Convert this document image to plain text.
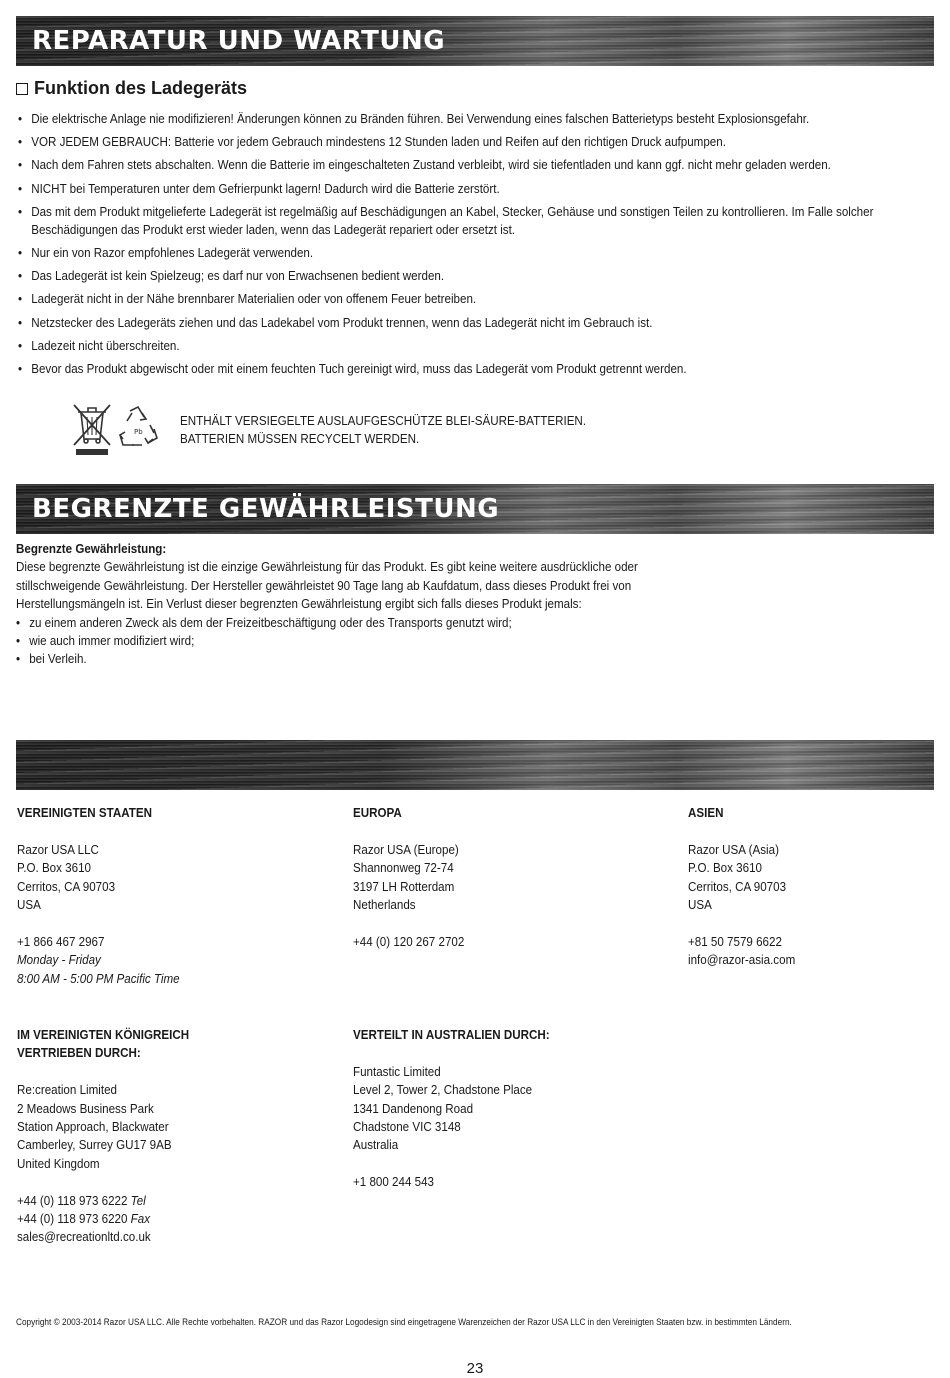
REPARATUR UND WARTUNG
Funktion des Ladegeräts
• Die elektrische Anlage nie modifizieren! Änderungen können zu Bränden führen. Bei Verwendung eines falschen Batterietyps besteht Explosionsgefahr.
• VOR JEDEM GEBRAUCH: Batterie vor jedem Gebrauch mindestens 12 Stunden laden und Reifen auf den richtigen Druck aufpumpen.
• Nach dem Fahren stets abschalten. Wenn die Batterie im eingeschalteten Zustand verbleibt, wird sie tiefentladen und kann ggf. nicht mehr geladen werden.
• NICHT bei Temperaturen unter dem Gefrierpunkt lagern! Dadurch wird die Batterie zerstört.
• Das mit dem Produkt mitgelieferte Ladegerät ist regelmäßig auf Beschädigungen an Kabel, Stecker, Gehäuse und sonstigen Teilen zu kontrollieren. Im Falle solcher Beschädigungen das Produkt erst wieder laden, wenn das Ladegerät repariert oder ersetzt ist.
• Nur ein von Razor empfohlenes Ladegerät verwenden.
• Das Ladegerät ist kein Spielzeug; es darf nur von Erwachsenen bedient werden.
• Ladegerät nicht in der Nähe brennbarer Materialien oder von offenem Feuer betreiben.
• Netzstecker des Ladegeräts ziehen und das Ladekabel vom Produkt trennen, wenn das Ladegerät nicht im Gebrauch ist.
• Ladezeit nicht überschreiten.
• Bevor das Produkt abgewischt oder mit einem feuchten Tuch gereinigt wird, muss das Ladegerät vom Produkt getrennt werden.
Pb
ENTHÄLT VERSIEGELTE AUSLAUFGESCHÜTZE BLEI-SÄURE-BATTERIEN.
BATTERIEN MÜSSEN RECYCELT WERDEN.
BEGRENZTE GEWÄHRLEISTUNG
Begrenzte Gewährleistung:
Diese begrenzte Gewährleistung ist die einzige Gewährleistung für das Produkt. Es gibt keine weitere ausdrückliche oder
stillschweigende Gewährleistung. Der Hersteller gewährleistet 90 Tage lang ab Kaufdatum, dass dieses Produkt frei von
Herstellungsmängeln ist. Ein Verlust dieser begrenzten Gewährleistung ergibt sich falls dieses Produkt jemals:
• zu einem anderen Zweck als dem der Freizeitbeschäftigung oder des Transports genutzt wird;
• wie auch immer modifiziert wird;
• bei Verleih.
VEREINIGTEN STAATEN
Razor USA LLC
P.O. Box 3610
Cerritos, CA 90703
USA
+1 866 467 2967
Monday - Friday
8:00 AM - 5:00 PM Pacific Time
EUROPA
Razor USA (Europe)
Shannonweg 72-74
3197 LH Rotterdam
Netherlands
+44 (0) 120 267 2702
ASIEN
Razor USA (Asia)
P.O. Box 3610
Cerritos, CA 90703
USA
+81 50 7579 6622
info@razor-asia.com
IM VEREINIGTEN KÖNIGREICH
VERTRIEBEN DURCH:
Re:creation Limited
2 Meadows Business Park
Station Approach, Blackwater
Camberley, Surrey GU17 9AB
United Kingdom
+44 (0) 118 973 6222 Tel
+44 (0) 118 973 6220 Fax
sales@recreationltd.co.uk
VERTEILT IN AUSTRALIEN DURCH:
Funtastic Limited
Level 2, Tower 2, Chadstone Place
1341 Dandenong Road
Chadstone VIC 3148
Australia
+1 800 244 543
Copyright © 2003-2014 Razor USA LLC. Alle Rechte vorbehalten. RAZOR und das Razor Logodesign sind eingetragene Warenzeichen der Razor USA LLC in den Vereinigten Staaten bzw. in bestimmten Ländern.
23
